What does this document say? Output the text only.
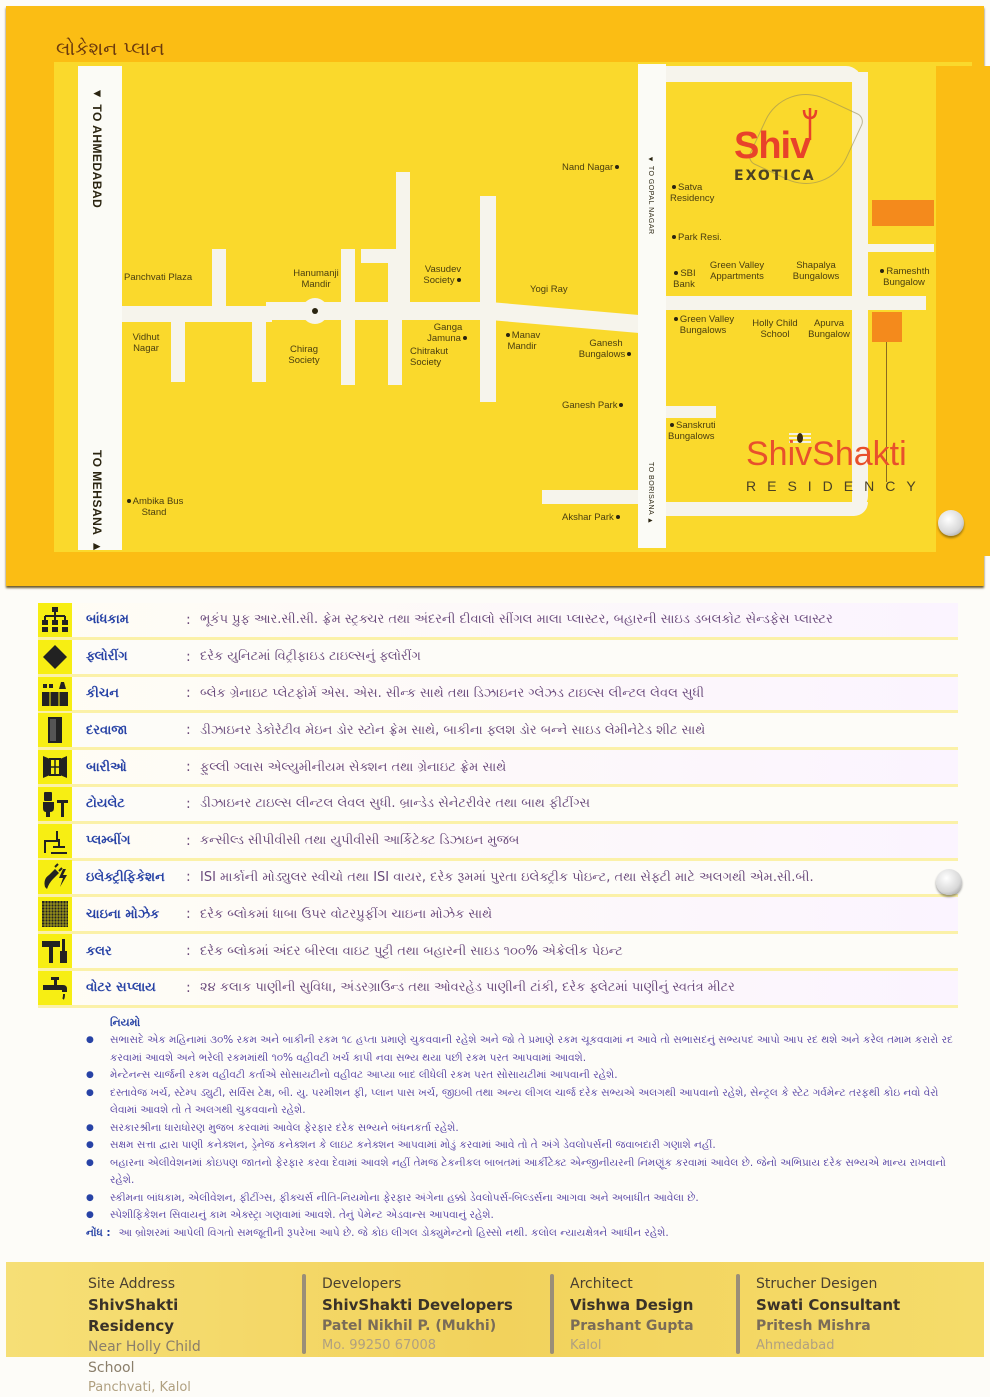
લોકેશન પ્લાન
◄ TO AHMEDABAD
TO MEHSANA ►
◄ TO GOPAL NAGAR
TO BORISANA ►
Panchvati Plaza	Hanumanji Mandir
Vasudev Society
Yogi Ray
Nand Nagar
Vidhut Nagar	Chirag Society
Ganga Jamuna
Chitrakut Society
Manav Mandir	Ganesh Bungalows
Ganesh Park
Akshar Park
Ambika Bus Stand
Satva Residency
Park Resi.
SBI Bank
Green Valley Appartments
Shapalya Bungalows	Rameshth Bungalow
Green Valley Bungalows
Holly Child School
Apurva Bungalow
Sanskruti Bungalows
Shiv
EXOTICA
ShivShakti
RESIDENCY
બાંધકામ	: ભૂકંપ પ્રુફ આર.સી.સી. ફ્રેમ સ્ટ્રક્ચર તથા અંદરની દીવાલો સીંગલ માલા પ્લાસ્ટર, બહારની સાઇડ ડબલકોટ સેન્ડફેસ પ્લાસ્ટર
ફ્લોરીંગ	: દરેક યુનિટમાં વિટ્રીફાઇડ ટાઇલ્સનું ફ્લોરીંગ
કીચન	: બ્લેક ગ્રેનાઇટ પ્લેટફોર્મ એસ. એસ. સીન્ક સાથે તથા ડિઝાઇનર ગ્લેઝડ ટાઇલ્સ લીન્ટલ લેવલ સુધી
દરવાજા	: ડીઝાઇનર ડેકોરેટીવ મેઇન ડોર સ્ટોન ફ્રેમ સાથે, બાકીના ફ્લશ ડોર બન્ને સાઇડ લેમીનેટેડ શીટ સાથે
બારીઓ	: ફુલ્લી ગ્લાસ એલ્યુમીનીયમ સેક્શન તથા ગ્રેનાઇટ ફ્રેમ સાથે
ટોયલેટ	: ડીઝાઇનર ટાઇલ્સ લીન્ટલ લેવલ સુધી. બ્રાન્ડેડ સેનેટરીવેર તથા બાથ ફીટીંગ્સ
પ્લમ્બીંગ	: કન્સીલ્ડ સીપીવીસી તથા યુપીવીસી આર્કિટેક્ટ ડિઝાઇન મુજબ
ઇલેક્ટ્રીફિકેશન	: ISI માર્કાની મોડ્યુલર સ્વીચો તથા ISI વાયર, દરેક રૂમમાં પુરતા ઇલેક્ટ્રીક પોઇન્ટ, તથા સેફ્ટી માટે અલગથી એમ.સી.બી.
ચાઇના મોઝેક	: દરેક બ્લોકમાં ધાબા ઉપર વોટરપ્રુફીંગ ચાઇના મોઝેક સાથે
કલર	: દરેક બ્લોકમાં અંદર બીરલા વાઇટ પુટ્ટી તથા બહારની સાઇડ ૧૦૦% એક્રેલીક પેઇન્ટ
વોટર સપ્લાય	: ૨૪ કલાક પાણીની સુવિધા, અંડરગ્રાઉન્ડ તથા ઓવરહેડ પાણીની ટાંકી, દરેક ફ્લેટમાં પાણીનું સ્વતંત્ર મીટર
નિયમો
● સભાસદે એક મહિનામાં ૩૦% રકમ અને બાકીની રકમ ૧૮ હપ્તા પ્રમાણે ચુકવવાની રહેશે અને જો તે પ્રમાણે રકમ ચૂકવવામાં ન આવે તો સભાસદનું સભ્યપદ આપો આપ રદ થશે અને કરેલ તમામ કરારો રદ કરવામાં આવશે અને ભરેલી રકમમાંથી ૧૦% વહીવટી ખર્ચ કાપી નવા સભ્ય થયા પછી રકમ પરત આપવામાં આવશે.
● મેન્ટેનન્સ ચાર્જની રકમ વહીવટી કર્તાએ સોસાયટીનો વહીવટ આપ્યા બાદ લીધેલી રકમ પરત સોસાયટીમાં આપવાની રહેશે.
● દસ્તાવેજ ખર્ચ, સ્ટેમ્પ ડ્યુટી, સર્વિસ ટેક્ષ, બી. યુ. પરમીશન ફી, પ્લાન પાસ ખર્ચ, જીઇબી તથા અન્ય લીગલ ચાર્જ દરેક સભ્યએ અલગથી આપવાનો રહેશે, સેન્ટ્રલ કે સ્ટેટ ગર્વમેન્ટ તરફથી કોઇ નવો વેરો લેવામાં આવશે તો તે અલગથી ચુકવવાનો રહેશે.
● સરકારશ્રીના ધારાધોરણ મુજબ કરવામાં આવેલ ફેરફાર દરેક સભ્યને બંધનકર્તા રહેશે.
● સક્ષમ સત્તા દ્વારા પાણી કનેક્શન, ડ્રેનેજ કનેક્શન કે લાઇટ કનેક્શન આપવામાં મોડું કરવામાં આવે તો તે અંગે ડેવલોપર્સની જવાબદારી ગણાશે નહીં.
● બહારના એલીવેશનમાં કોઇપણ જાતનો ફેરફાર કરવા દેવામાં આવશે નહીં તેમજ ટેકનીકલ બાબતમાં આર્કીટેક્ટ એન્જીનીયરની નિમણૂંક કરવામાં આવેલ છે. જેનો અભિપ્રાય દરેક સભ્યએ માન્ય રાખવાનો રહેશે.
● સ્કીમના બાંધકામ, એલીવેશન, ફીટીંગ્સ, ફીક્ચર્સ નીતિ-નિયમોના ફેરફાર અંગેના હક્કો ડેવલોપર્સ-બિલ્ડર્સના આગવા અને અબાધીત આવેલા છે.
● સ્પેશીફિકેશન સિવાયનું કામ એક્સ્ટ્રા ગણવામાં આવશે. તેનું પેમેન્ટ એડવાન્સ આપવાનું રહેશે.
નોંધ : આ બ્રોશરમાં આપેલી વિગતો સમજૂતીની રૂપરેખા આપે છે. જે કોઇ લીગલ ડોક્યુમેન્ટનો હિસ્સો નથી. કલોલ ન્યાયક્ષેત્રને આધીન રહેશે.
Site Address
ShivShakti Residency
Near Holly Child School
Panchvati, Kalol
Developers
ShivShakti Developers
Patel Nikhil P. (Mukhi)
Mo. 99250 67008
Architect
Vishwa Design
Prashant Gupta
Kalol
Strucher Desigen
Swati Consultant
Pritesh Mishra
Ahmedabad
